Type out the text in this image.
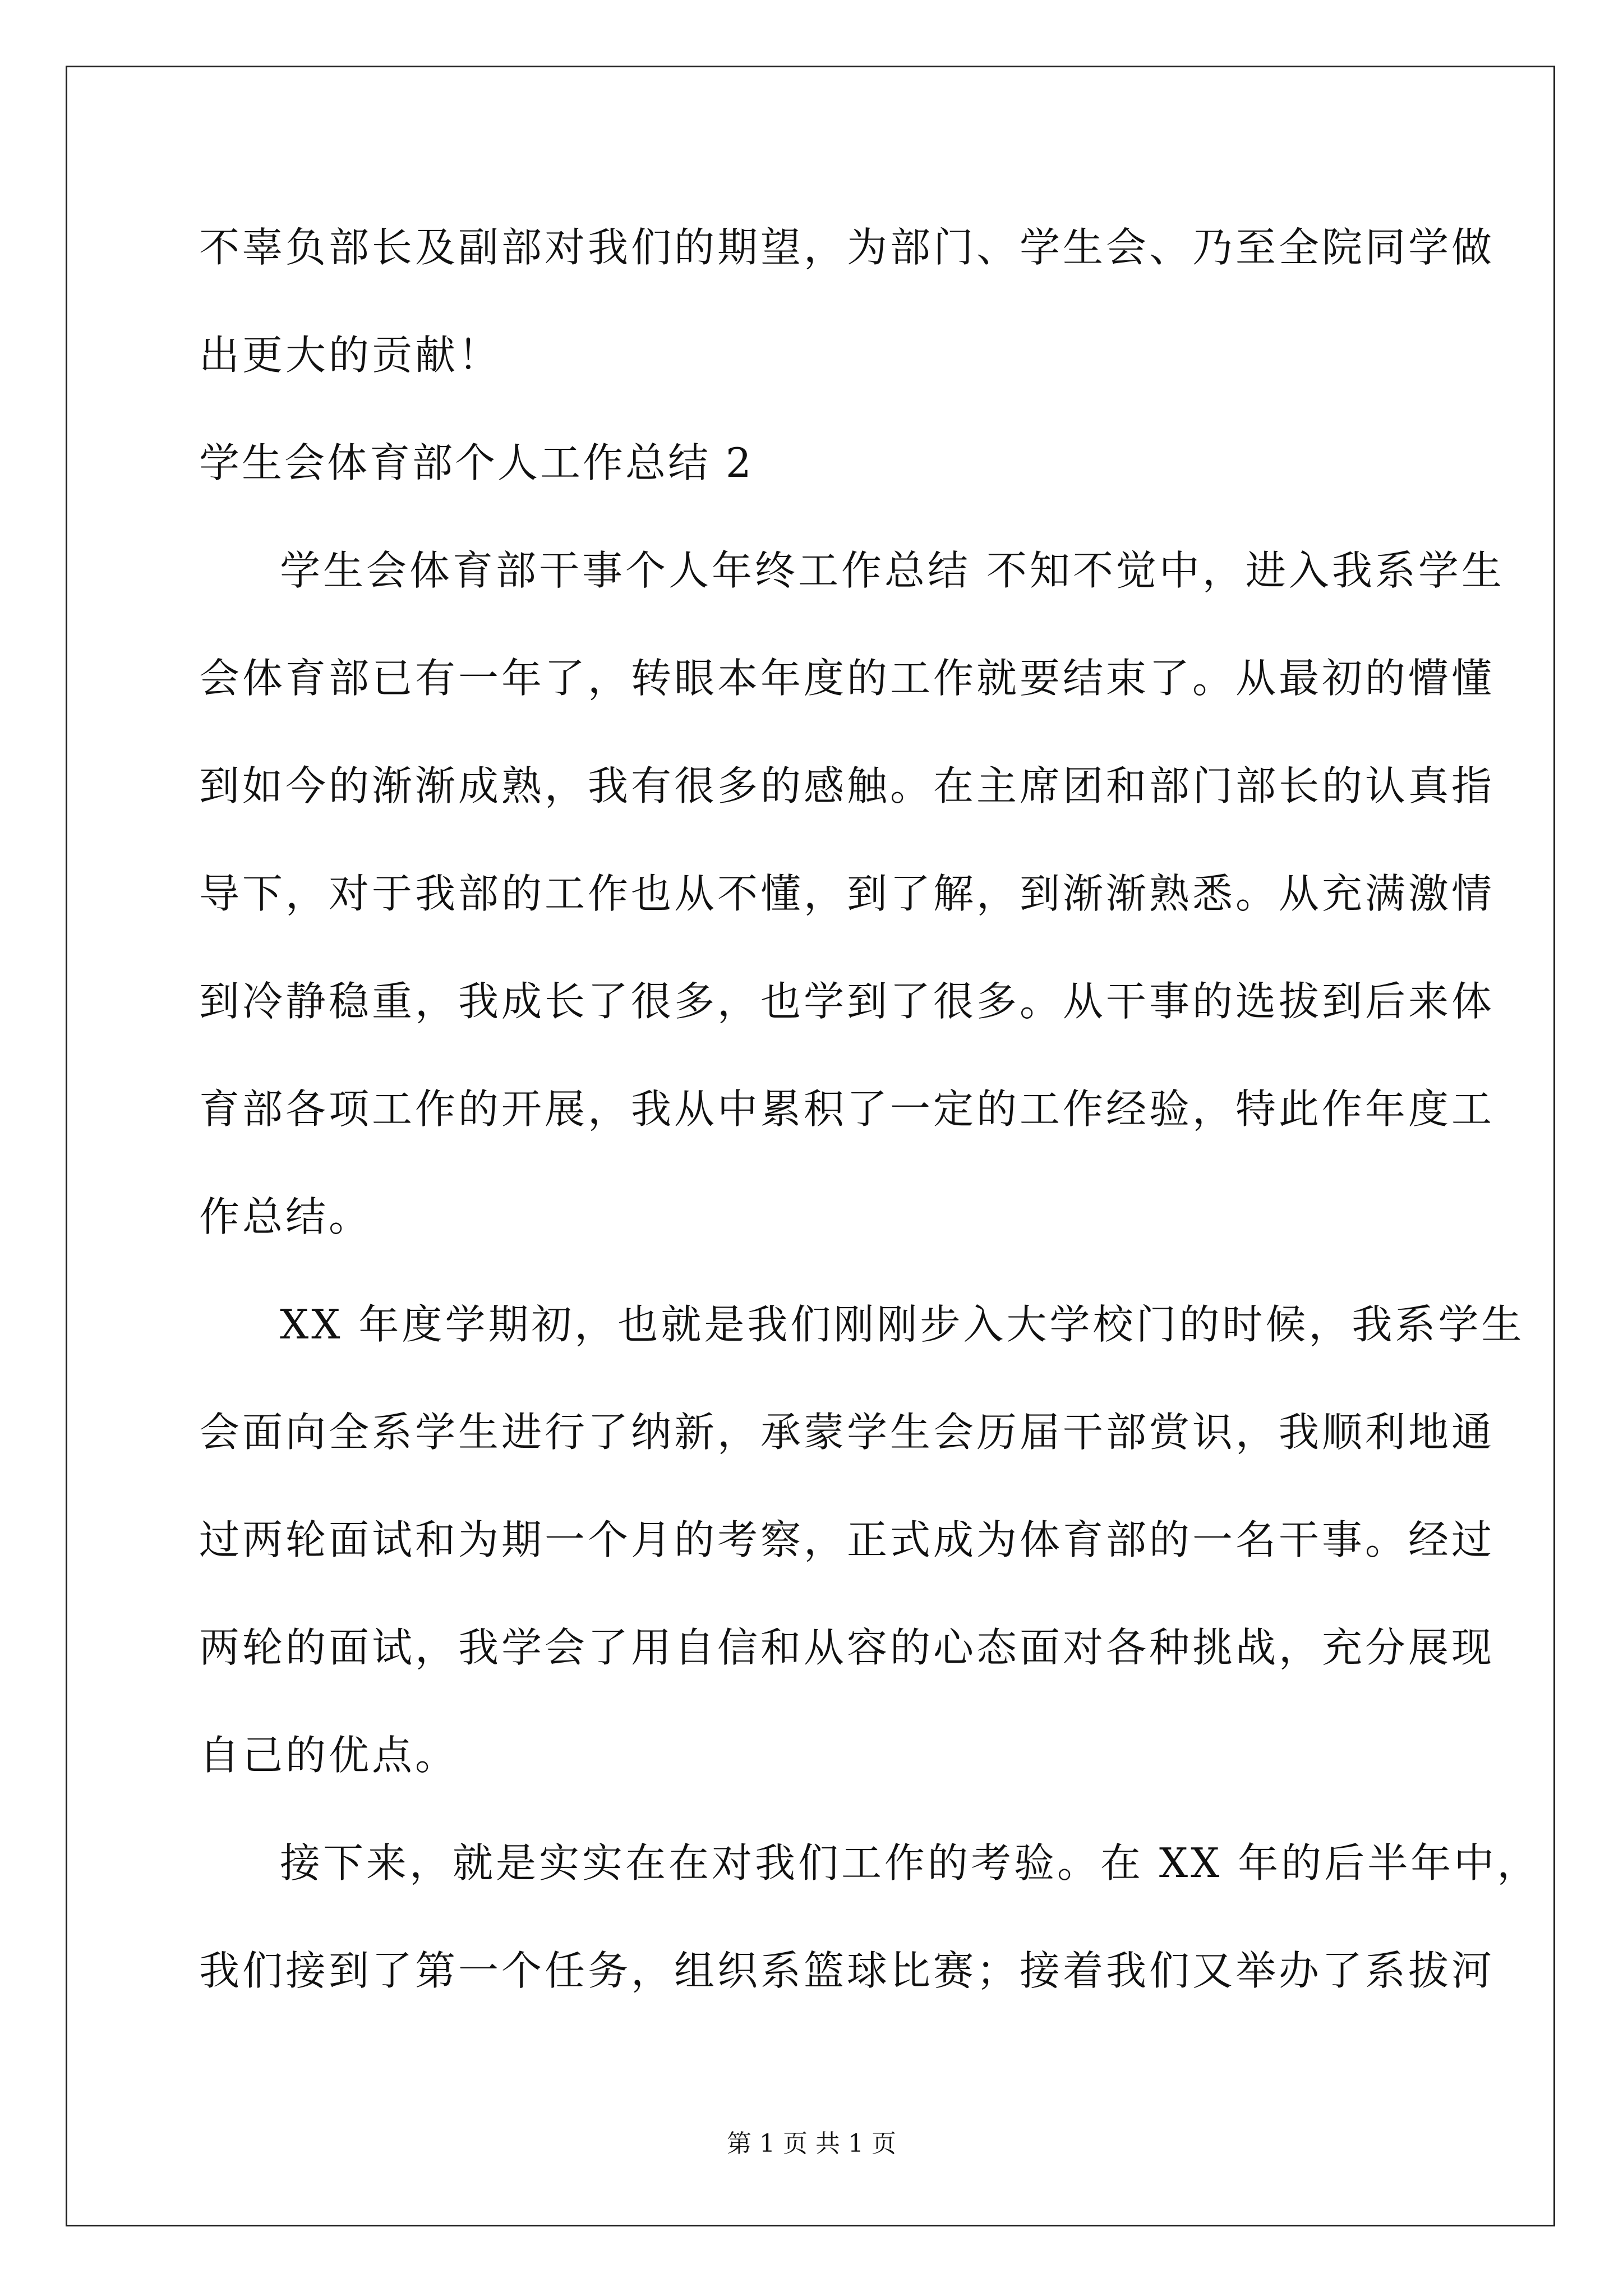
不辜负部长及副部对我们的期望，为部门、学生会、乃至全院同学做
出更大的贡献！
学生会体育部个人工作总结 2
学生会体育部干事个人年终工作总结 不知不觉中，进入我系学生
会体育部已有一年了，转眼本年度的工作就要结束了。从最初的懵懂
到如今的渐渐成熟，我有很多的感触。在主席团和部门部长的认真指
导下，对于我部的工作也从不懂，到了解，到渐渐熟悉。从充满激情
到冷静稳重，我成长了很多，也学到了很多。从干事的选拔到后来体
育部各项工作的开展，我从中累积了一定的工作经验，特此作年度工
作总结。
XX 年度学期初，也就是我们刚刚步入大学校门的时候，我系学生
会面向全系学生进行了纳新，承蒙学生会历届干部赏识，我顺利地通
过两轮面试和为期一个月的考察，正式成为体育部的一名干事。经过
两轮的面试，我学会了用自信和从容的心态面对各种挑战，充分展现
自己的优点。
接下来，就是实实在在对我们工作的考验。在 XX 年的后半年中，
我们接到了第一个任务，组织系篮球比赛；接着我们又举办了系拔河
第 1 页 共 1 页
